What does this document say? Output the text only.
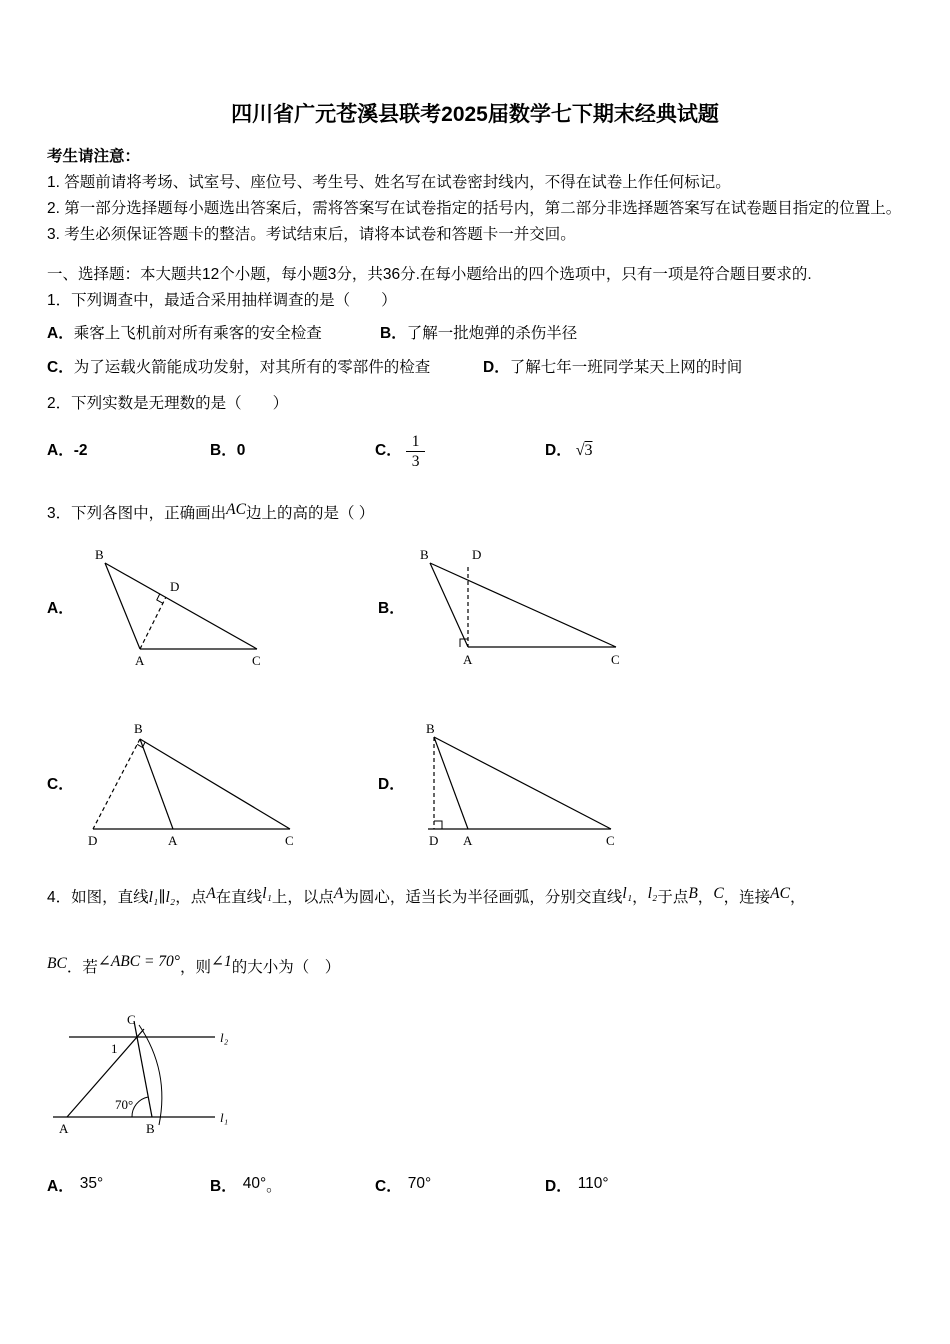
四川省广元苍溪县联考2025届数学七下期末经典试题

考生请注意：

1. 答题前请将考场、试室号、座位号、考生号、姓名写在试卷密封线内，不得在试卷上作任何标记。

2. 第一部分选择题每小题选出答案后，需将答案写在试卷指定的括号内，第二部分非选择题答案写在试卷题目指定的位置上。

3. 考生必须保证答题卡的整洁。考试结束后，请将本试卷和答题卡一并交回。

一、选择题：本大题共12个小题，每小题3分，共36分.在每小题给出的四个选项中，只有一项是符合题目要求的.

1．下列调查中，最适合采用抽样调查的是（　　）

A．乘客上飞机前对所有乘客的安全检查	B．了解一批炮弹的杀伤半径
C．为了运载火箭能成功发射，对其所有的零部件的检查	D．了解七年一班同学某天上网的时间

2．下列实数是无理数的是（　　）

A． -2	B． 0	C． $\frac{1}{3}$	D． √3

3．下列各图中，正确画出AC边上的高的是（ ）

A．
B
D
A	C
B．
B	D
A	C
C．
B
D	A	C
D．
B
D A	C

4．如图，直线l₁∥l₂，点A在直线l₁上，以点A为圆心，适当长为半径画弧，分别交直线l₁，l₂于点B，C，连接AC，

BC．若∠ABC = 70°，则∠1的大小为（　）

l₂
l₁
A	B
C
1
70°
A． 35°	B． 40°。	C． 70°	D． 110°
